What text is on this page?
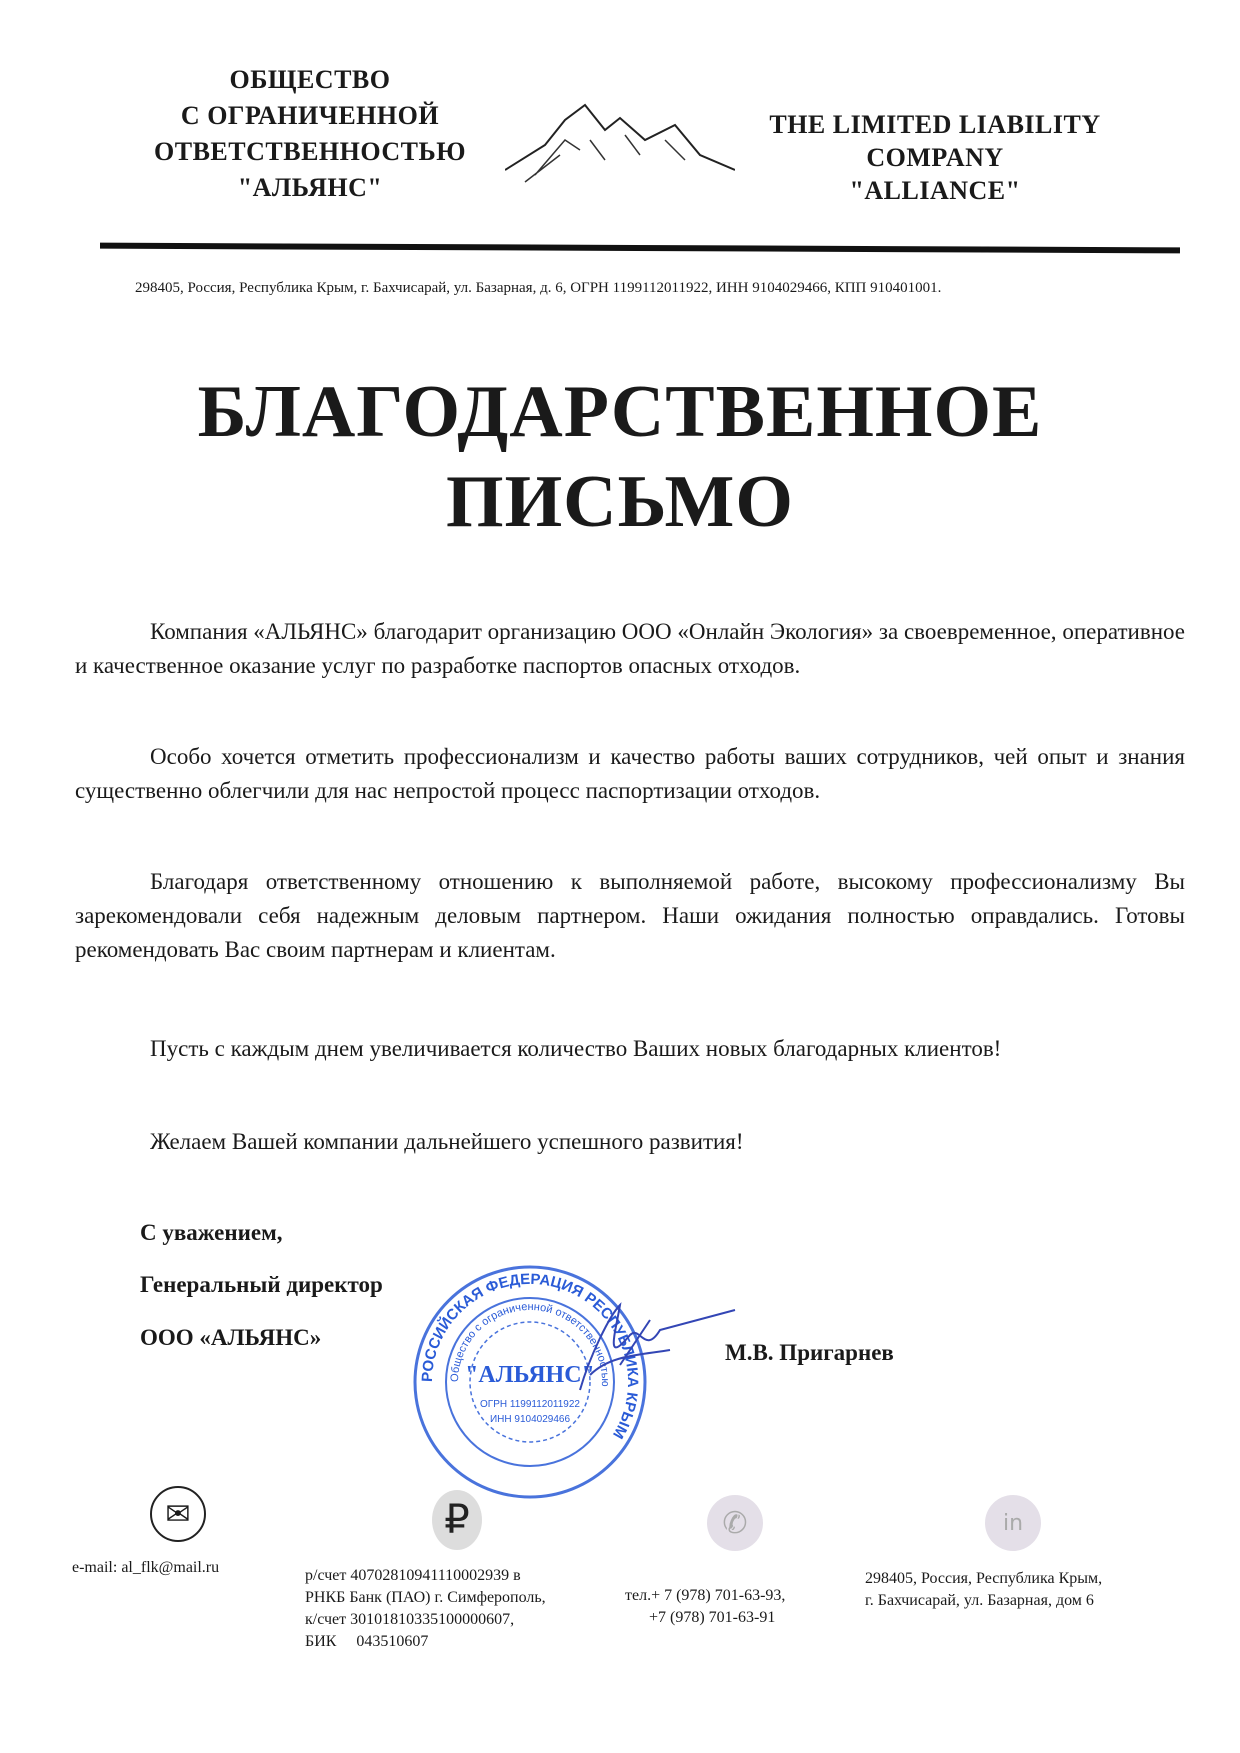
ОБЩЕСТВО
С ОГРАНИЧЕННОЙ
ОТВЕТСТВЕННОСТЬЮ
"АЛЬЯНС"
THE LIMITED LIABILITY
COMPANY
"ALLIANCE"
298405, Россия, Республика Крым, г. Бахчисарай, ул. Базарная, д. 6, ОГРН 1199112011922, ИНН 9104029466, КПП 910401001.
БЛАГОДАРСТВЕННОЕ
ПИСЬМО

Компания «АЛЬЯНС» благодарит организацию ООО «Онлайн Экология» за своевременное, оперативное и качественное оказание услуг по разработке паспортов опасных отходов.

Особо хочется отметить профессионализм и качество работы ваших сотрудников, чей опыт и знания существенно облегчили для нас непростой процесс паспортизации отходов.

Благодаря ответственному отношению к выполняемой работе, высокому профессионализму Вы зарекомендовали себя надежным деловым партнером. Наши ожидания полностью оправдались. Готовы рекомендовать Вас своим партнерам и клиентам.

Пусть с каждым днем увеличивается количество Ваших новых благодарных клиентов!

Желаем Вашей компании дальнейшего успешного развития!

С уважением,
Генеральный директор
ООО «АЛЬЯНС»
М.В. Пригарнев
РОССИЙСКАЯ ФЕДЕРАЦИЯ РЕСПУБЛИКА КРЫМ
Общество с ограниченной ответственностью
"АЛЬЯНС"
ОГРН 1199112011922
ИНН 9104029466
✉	₽	✆	in
e-mail: al_flk@mail.ru	р/счет 40702810941110002939 в
РНКБ Банк (ПАО) г. Симферополь,
к/счет 30101810335100000607,
БИК     043510607

тел.+ 7 (978) 701-63-93,
+7 (978) 701-63-91
298405, Россия, Республика Крым,
г. Бахчисарай, ул. Базарная, дом 6
